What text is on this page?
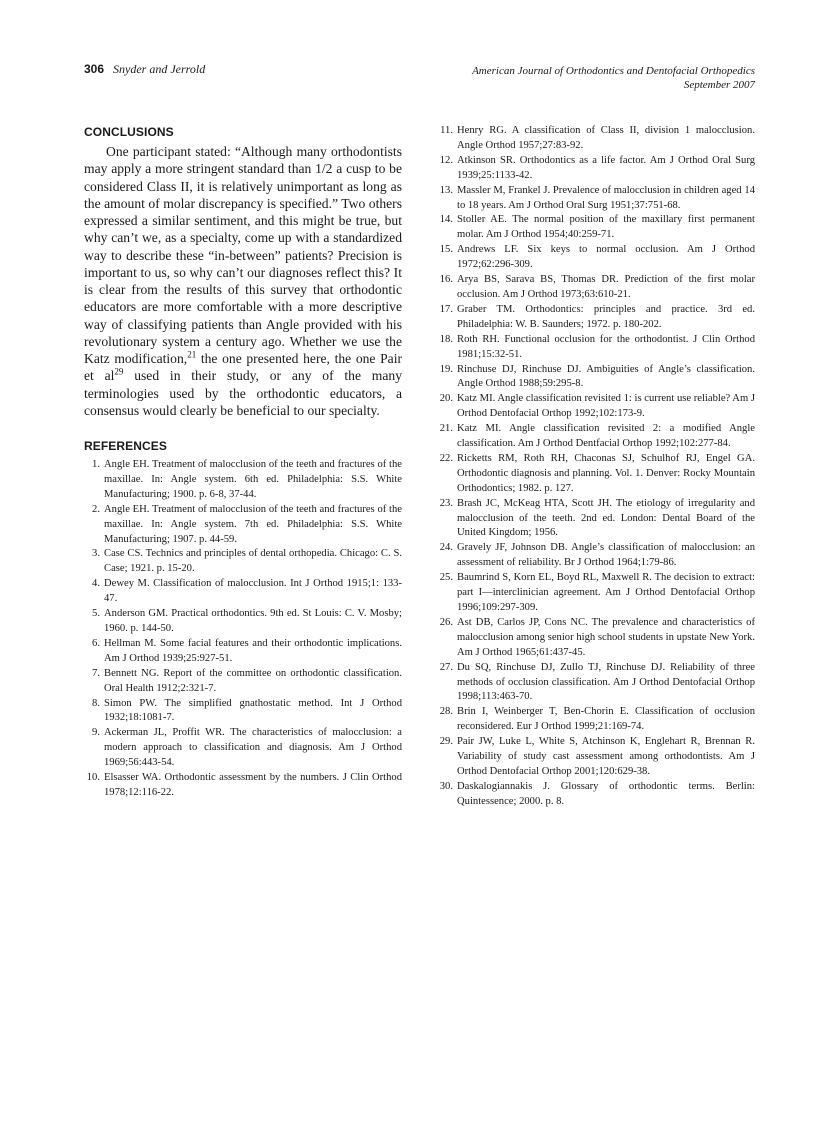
306 Snyder and Jerrold	American Journal of Orthodontics and Dentofacial Orthopedics
September 2007
CONCLUSIONS

One participant stated: “Although many orthodontists may apply a more stringent standard than 1/2 a cusp to be considered Class II, it is relatively unimportant as long as the amount of molar discrepancy is specified.” Two others expressed a similar sentiment, and this might be true, but why can’t we, as a specialty, come up with a standardized way to describe these “in-between” patients? Precision is important to us, so why can’t our diagnoses reflect this? It is clear from the results of this survey that orthodontic educators are more comfortable with a more descriptive way of classifying patients than Angle provided with his revolutionary system a century ago. Whether we use the Katz modification,$^{21}$ the one presented here, the one Pair et $al^{29}$ used in their study, or any of the many terminologies used by the orthodontic educators, a consensus would clearly be beneficial to our specialty.

REFERENCES
1. Angle EH. Treatment of malocclusion of the teeth and fractures of the maxillae. In: Angle system. 6th ed. Philadelphia: S.S. White Manufacturing; 1900. p. 6-8, 37-44.
2. Angle EH. Treatment of malocclusion of the teeth and fractures of the maxillae. In: Angle system. 7th ed. Philadelphia: S.S. White Manufacturing; 1907. p. 44-59.
3. Case CS. Technics and principles of dental orthopedia. Chicago: C. S. Case; 1921. p. 15-20.
4. Dewey M. Classification of malocclusion. Int J Orthod 1915;1: 133-47.
5. Anderson GM. Practical orthodontics. 9th ed. St Louis: C. V. Mosby; 1960. p. 144-50.
6. Hellman M. Some facial features and their orthodontic implications. Am J Orthod 1939;25:927-51.
7. Bennett NG. Report of the committee on orthodontic classification. Oral Health 1912;2:321-7.
8. Simon PW. The simplified gnathostatic method. Int J Orthod 1932;18:1081-7.
9. Ackerman JL, Proffit WR. The characteristics of malocclusion: a modern approach to classification and diagnosis. Am J Orthod 1969;56:443-54.
10. Elsasser WA. Orthodontic assessment by the numbers. J Clin Orthod 1978;12:116-22.
11. Henry RG. A classification of Class II, division 1 malocclusion. Angle Orthod 1957;27:83-92.
12. Atkinson SR. Orthodontics as a life factor. Am J Orthod Oral Surg 1939;25:1133-42.
13. Massler M, Frankel J. Prevalence of malocclusion in children aged 14 to 18 years. Am J Orthod Oral Surg 1951;37:751-68.
14. Stoller AE. The normal position of the maxillary first permanent molar. Am J Orthod 1954;40:259-71.
15. Andrews LF. Six keys to normal occlusion. Am J Orthod 1972;62:296-309.
16. Arya BS, Sarava BS, Thomas DR. Prediction of the first molar occlusion. Am J Orthod 1973;63:610-21.
17. Graber TM. Orthodontics: principles and practice. 3rd ed. Philadelphia: W. B. Saunders; 1972. p. 180-202.
18. Roth RH. Functional occlusion for the orthodontist. J Clin Orthod 1981;15:32-51.
19. Rinchuse DJ, Rinchuse DJ. Ambiguities of Angle’s classification. Angle Orthod 1988;59:295-8.
20. Katz MI. Angle classification revisited 1: is current use reliable? Am J Orthod Dentofacial Orthop 1992;102:173-9.
21. Katz MI. Angle classification revisited 2: a modified Angle classification. Am J Orthod Dentfacial Orthop 1992;102:277-84.
22. Ricketts RM, Roth RH, Chaconas SJ, Schulhof RJ, Engel GA. Orthodontic diagnosis and planning. Vol. 1. Denver: Rocky Mountain Orthodontics; 1982. p. 127.
23. Brash JC, McKeag HTA, Scott JH. The etiology of irregularity and malocclusion of the teeth. 2nd ed. London: Dental Board of the United Kingdom; 1956.
24. Gravely JF, Johnson DB. Angle’s classification of malocclusion: an assessment of reliability. Br J Orthod 1964;1:79-86.
25. Baumrind S, Korn EL, Boyd RL, Maxwell R. The decision to extract: part I—interclinician agreement. Am J Orthod Dentofacial Orthop 1996;109:297-309.
26. Ast DB, Carlos JP, Cons NC. The prevalence and characteristics of malocclusion among senior high school students in upstate New York. Am J Orthod 1965;61:437-45.
27. Du SQ, Rinchuse DJ, Zullo TJ, Rinchuse DJ. Reliability of three methods of occlusion classification. Am J Orthod Dentofacial Orthop 1998;113:463-70.
28. Brin I, Weinberger T, Ben-Chorin E. Classification of occlusion reconsidered. Eur J Orthod 1999;21:169-74.
29. Pair JW, Luke L, White S, Atchinson K, Englehart R, Brennan R. Variability of study cast assessment among orthodontists. Am J Orthod Dentofacial Orthop 2001;120:629-38.
30. Daskalogiannakis J. Glossary of orthodontic terms. Berlin: Quintessence; 2000. p. 8.
